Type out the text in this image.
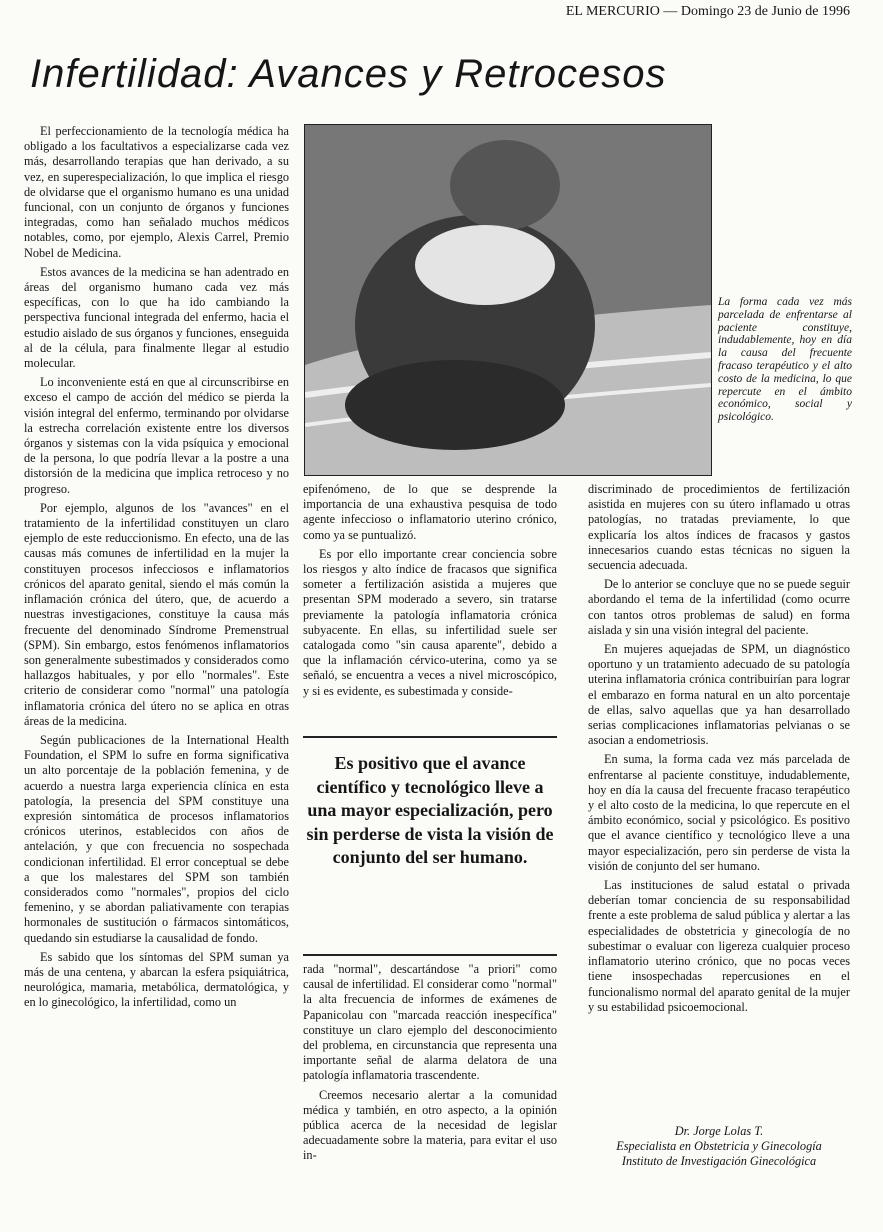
EL MERCURIO — Domingo 23 de Junio de 1996
Infertilidad: Avances y Retrocesos

El perfeccionamiento de la tecnología médica ha obligado a los facultativos a especializarse cada vez más, desarrollando terapias que han derivado, a su vez, en superespecialización, lo que implica el riesgo de olvidarse que el organismo humano es una unidad funcional, con un conjunto de órganos y funciones integradas, como han señalado muchos médicos notables, como, por ejemplo, Alexis Carrel, Premio Nobel de Medicina.

Estos avances de la medicina se han adentrado en áreas del organismo humano cada vez más específicas, con lo que ha ido cambiando la perspectiva funcional integrada del enfermo, hacia el estudio aislado de sus órganos y funciones, enseguida al de la célula, para finalmente llegar al estudio molecular.

Lo inconveniente está en que al circunscribirse en exceso el campo de acción del médico se pierda la visión integral del enfermo, terminando por olvidarse la estrecha correlación existente entre los diversos órganos y sistemas con la vida psíquica y emocional de la persona, lo que podría llevar a la postre a una distorsión de la medicina que implica retroceso y no progreso.

Por ejemplo, algunos de los "avances" en el tratamiento de la infertilidad constituyen un claro ejemplo de este reduccionismo. En efecto, una de las causas más comunes de infertilidad en la mujer la constituyen procesos infecciosos e inflamatorios crónicos del aparato genital, siendo el más común la inflamación crónica del útero, que, de acuerdo a nuestras investigaciones, constituye la causa más frecuente del denominado Síndrome Premenstrual (SPM). Sin embargo, estos fenómenos inflamatorios son generalmente subestimados y considerados como hallazgos habituales, y por ello "normales". Este criterio de considerar como "normal" una patología inflamatoria crónica del útero no se aplica en otras áreas de la medicina.

Según publicaciones de la International Health Foundation, el SPM lo sufre en forma significativa un alto porcentaje de la población femenina, y de acuerdo a nuestra larga experiencia clínica en esta patología, la presencia del SPM constituye una expresión sintomática de procesos inflamatorios crónicos uterinos, establecidos con años de antelación, y que con frecuencia no sospechada condicionan infertilidad. El error conceptual se debe a que los malestares del SPM son también considerados como "normales", propios del ciclo femenino, y se abordan paliativamente con terapias hormonales de sustitución o fármacos sintomáticos, quedando sin estudiarse la causalidad de fondo.

Es sabido que los síntomas del SPM suman ya más de una centena, y abarcan la esfera psiquiátrica, neurológica, mamaria, metabólica, dermatológica, y en lo ginecológico, la infertilidad, como un

La forma cada vez más parcelada de enfrentarse al paciente constituye, indudablemente, hoy en día la causa del frecuente fracaso terapéutico y el alto costo de la medicina, lo que repercute en el ámbito económico, social y psicológico.

epifenómeno, de lo que se desprende la importancia de una exhaustiva pesquisa de todo agente infeccioso o inflamatorio uterino crónico, como ya se puntualizó.

Es por ello importante crear conciencia sobre los riesgos y alto índice de fracasos que significa someter a fertilización asistida a mujeres que presentan SPM moderado a severo, sin tratarse previamente la patología inflamatoria crónica subyacente. En ellas, su infertilidad suele ser catalogada como "sin causa aparente", debido a que la inflamación cérvico-uterina, como ya se señaló, se encuentra a veces a nivel microscópico, y si es evidente, es subestimada y conside-

Es positivo que el avance científico y tecnológico lleve a una mayor especialización, pero sin perderse de vista la visión de conjunto del ser humano.

rada "normal", descartándose "a priori" como causal de infertilidad. El considerar como "normal" la alta frecuencia de informes de exámenes de Papanicolau con "marcada reacción inespecífica" constituye un claro ejemplo del desconocimiento del problema, en circunstancia que representa una importante señal de alarma delatora de una patología inflamatoria trascendente.

Creemos necesario alertar a la comunidad médica y también, en otro aspecto, a la opinión pública acerca de la necesidad de legislar adecuadamente sobre la materia, para evitar el uso in-

discriminado de procedimientos de fertilización asistida en mujeres con su útero inflamado u otras patologías, no tratadas previamente, lo que explicaría los altos índices de fracasos y gastos innecesarios cuando estas técnicas no siguen la secuencia adecuada.

De lo anterior se concluye que no se puede seguir abordando el tema de la infertilidad (como ocurre con tantos otros problemas de salud) en forma aislada y sin una visión integral del paciente.

En mujeres aquejadas de SPM, un diagnóstico oportuno y un tratamiento adecuado de su patología uterina inflamatoria crónica contribuirían para lograr el embarazo en forma natural en un alto porcentaje de ellas, salvo aquellas que ya han desarrollado serias complicaciones inflamatorias pelvianas o se asocian a endometriosis.

En suma, la forma cada vez más parcelada de enfrentarse al paciente constituye, indudablemente, hoy en día la causa del frecuente fracaso terapéutico y el alto costo de la medicina, lo que repercute en el ámbito económico, social y psicológico. Es positivo que el avance científico y tecnológico lleve a una mayor especialización, pero sin perderse de vista la visión de conjunto del ser humano.

Las instituciones de salud estatal o privada deberían tomar conciencia de su responsabilidad frente a este problema de salud pública y alertar a las especialidades de obstetricia y ginecología de no subestimar o evaluar con ligereza cualquier proceso inflamatorio uterino crónico, que no pocas veces tiene insospechadas repercusiones en el funcionalismo normal del aparato genital de la mujer y su estabilidad psicoemocional.

Dr. Jorge Lolas T.
Especialista en Obstetricia y Ginecología
Instituto de Investigación Ginecológica
